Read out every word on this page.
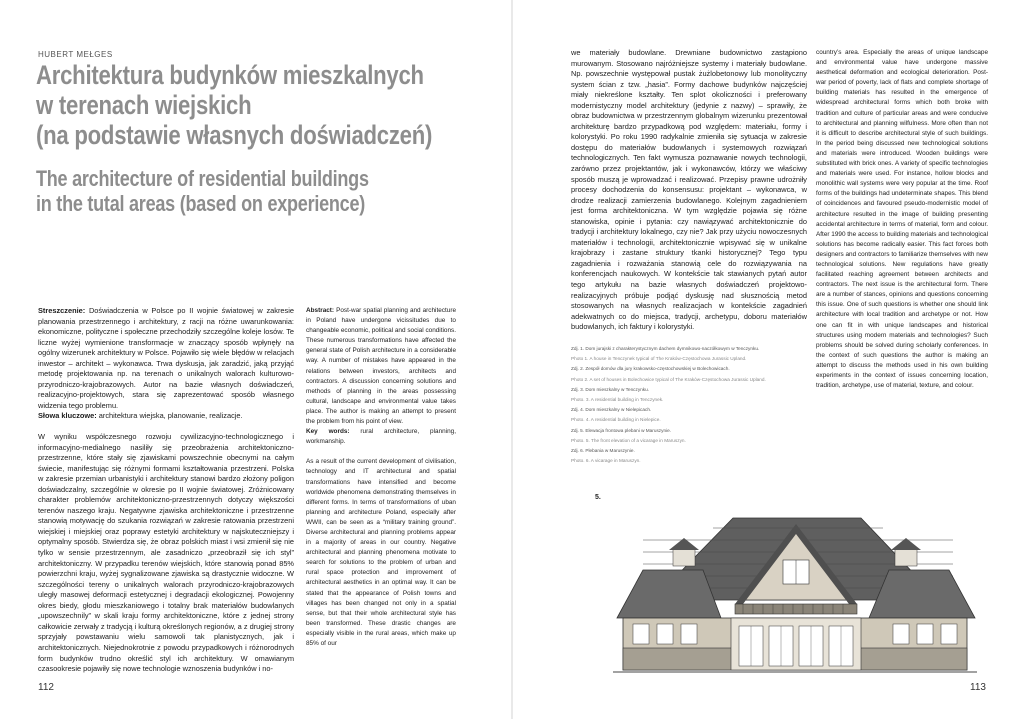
HUBERT MEŁGES
Architektura budynków mieszkalnych
w terenach wiejskich
(na podstawie własnych doświadczeń)
The architecture of residential buildings
in the tutal areas (based on experience)

Streszczenie: Doświadczenia w Polsce po II wojnie światowej w zakresie planowania przestrzennego i architektury, z racji na różne uwarunkowania: ekonomiczne, polityczne i społeczne przechodziły szczególne koleje losów. Te liczne wyżej wymienione transformacje w znaczący sposób wpłynęły na ogólny wizerunek architektury w Polsce. Pojawiło się wiele błędów w relacjach inwestor – architekt – wykonawca. Trwa dyskusja, jak zaradzić, jaką przyjąć metodę projektowania np. na terenach o unikalnych walorach kulturowo-przyrodniczo-krajobrazowych. Autor na bazie własnych doświadczeń, realizacyjno-projektowych, stara się zaprezentować sposób własnego widzenia tego problemu.
Słowa kluczowe: architektura wiejska, planowanie, realizacje.

W wyniku współczesnego rozwoju cywilizacyjno-technologicznego i informacyjno-medialnego nasiliły się przeobrażenia architektoniczno-przestrzenne, które stały się zjawiskami powszechnie obecnymi na całym świecie, manifestując się różnymi formami kształtowania przestrzeni. Polska w zakresie przemian urbanistyki i architektury stanowi bardzo złożony poligon doświadczalny, szczególnie w okresie po II wojnie światowej. Zróżnicowany charakter problemów architektoniczno-przestrzennych dotyczy większości terenów naszego kraju. Negatywne zjawiska architektoniczne i przestrzenne stanowią motywację do szukania rozwiązań w zakresie ratowania przestrzeni wiejskiej i miejskiej oraz poprawy estetyki architektury w najskuteczniejszy i optymalny sposób. Stwierdza się, że obraz polskich miast i wsi zmienił się nie tylko w sensie przestrzennym, ale zasadniczo „przeobraził się ich styl” architektoniczny. W przypadku terenów wiejskich, które stanowią ponad 85% powierzchni kraju, wyżej sygnalizowane zjawiska są drastycznie widoczne. W szczególności tereny o unikalnych walorach przyrodniczo-krajobrazowych uległy masowej deformacji estetycznej i degradacji ekologicznej. Powojenny okres biedy, głodu mieszkaniowego i totalny brak materiałów budowlanych „upowszechnily” w skali kraju formy architektoniczne, które z jednej strony całkowicie zerwały z tradycją i kulturą określonych regionów, a z drugiej strony sprzyjały powstawaniu wielu samowoli tak planistycznych, jak i architektonicznych. Niejednokrotnie z powodu przypadkowych i różnorodnych form budynków trudno określić styl ich architektury. W omawianym czasookresie pojawiły się nowe technologie wznoszenia budynków i no-

Abstract: Post-war spatial planning and architecture in Poland have undergone vicissitudes due to changeable economic, political and social conditions. These numerous transformations have affected the general state of Polish architecture in a considerable way. A number of mistakes have appeared in the relations between investors, architects and contractors. A discussion concerning solutions and methods of planning in the areas possessing cultural, landscape and environmental value takes place. The author is making an attempt to present the problem from his point of view.
Key words: rural architecture, planning, workmanship.

As a result of the current development of civilisation, technology and IT architectural and spatial transformations have intensified and become worldwide phenomena demonstrating themselves in different forms. In terms of transformations of uban planning and architecture Poland, especially after WWII, can be seen as a “military training ground”. Diverse architectural and planning problems appear in a majority of areas in our country. Negative architectural and planning phenomena motivate to search for solutions to the problem of urban and rural space protection and improvement of architectural aesthetics in an optimal way. It can be stated that the appearance of Polish towns and villages has been changed not only in a spatial sense, but that their whole architectural style has been transformed. These drastic changes are especially visible in the rural areas, which make up 85% of our

112

we materiały budowlane. Drewniane budownictwo zastąpiono murowanym. Stosowano najróżniejsze systemy i materiały budowlane. Np. powszechnie występował pustak żużlobetonowy lub monolityczny system ścian z tzw. „hasia”. Formy dachowe budynków najczęściej miały niekreślone kształty. Ten splot okoliczności i preferowany modernistyczny model architektury (jedynie z nazwy) – sprawiły, że obraz budownictwa w przestrzennym globalnym wizerunku prezentował architekturę bardzo przypadkową pod względem: materiału, formy i kolorystyki. Po roku 1990 radykalnie zmieniła się sytuacja w zakresie dostępu do materiałów budowlanych i systemowych rozwiązań technologicznych. Ten fakt wymusza poznawanie nowych technologii, zarówno przez projektantów, jak i wykonawców, którzy we właściwy sposób muszą je wprowadzać i realizować. Przepisy prawne udrożniły procesy dochodzenia do konsensusu: projektant – wykonawca, w drodze realizacji zamierzenia budowlanego. Kolejnym zagadnieniem jest forma architektoniczna. W tym względzie pojawia się różne stanowiska, opinie i pytania: czy nawiązywać architektonicznie do tradycji i architektury lokalnego, czy nie? Jak przy użyciu nowoczesnych materiałów i technologii, architektonicznie wpisywać się w unikalne krajobrazy i zastane struktury tkanki historycznej? Tego typu zagadnienia i rozważania stanowią cele do rozwiązywania na konferencjach naukowych. W kontekście tak stawianych pytań autor tego artykułu na bazie własnych doświadczeń projektowo-realizacyjnych próbuje podjąć dyskusję nad słusznością metod stosowanych na własnych realizacjach w kontekście zagadnień adekwatnych co do miejsca, tradycji, archetypu, doboru materiałów budowlanych, ich faktury i kolorystyki.

country’s area. Especially the areas of unique landscape and environmental value have undergone massive aesthetical deformation and ecological deterioration. Post-war period of poverty, lack of flats and complete shortage of building materials has resulted in the emergence of widespread architectural forms which both broke with tradition and culture of particular areas and were conducive to architectural and planning wilfulness. More often than not it is difficult to describe architectural style of such buildings. In the period being discussed new technological solutions and materials were introduced. Wooden buildings were substituted with brick ones. A variety of specific technologies and materials were used. For instance, hollow blocks and monolithic wall systems were very popular at the time. Roof forms of the buildings had undeterminate shapes. This blend of coincidences and favoured pseudo-modernistic model of architecture resulted in the image of building presenting accidental architecture in terms of material, form and colour. After 1990 the access to building materials and technological solutions has become radically easier. This fact forces both designers and contractors to familiarize themselves with new technological solutions. New regulations have greatly facilitated reaching agreement between architects and contractors. The next issue is the architectural form. There are a number of stances, opinions and questions concerning this issue. One of such questions is whether one should link architecture with local tradition and archetype or not. How one can fit in with unique landscapes and historical structures using modern materials and technologies? Such problems should be solved during scholarly conferences. In the context of such questions the author is making an attempt to discuss the methods used in his own building experiments in the context of issues concerning location, tradition, archetype, use of material, texture, and colour.

Zdj. 1. Dom jurajski z charakterystycznym dachem dymnikowo-naczółkowym w Tenczynku.
Photo 1. A house in Tenczynek typical of The Kraków-Częstochowa Jurassic Upland.
Zdj. 2. Zespół domów dla jury krakowsko-częstochowskiej w Bolechowicach.
Photo 2. A set of houses in Bolechowice typical of The Kraków-Częstochowa Jurassic Upland.
Zdj. 3. Dom mieszkalny w Tenczynku.
Photo. 3. A residential building in Tenczynek.
Zdj. 4. Dom mieszkalny w Nielepicach.
Photo. 4. A residential building in Nielepice.
Zdj. 5. Elewacja frontowa plebani w Maruszynie.
Photo. 5. The front elevation of a vicarage in Maruszyn.
Zdj. 6. Plebania w Maruszynie.
Photo. 6. A vicarage in Maruszyn.
5.
113
